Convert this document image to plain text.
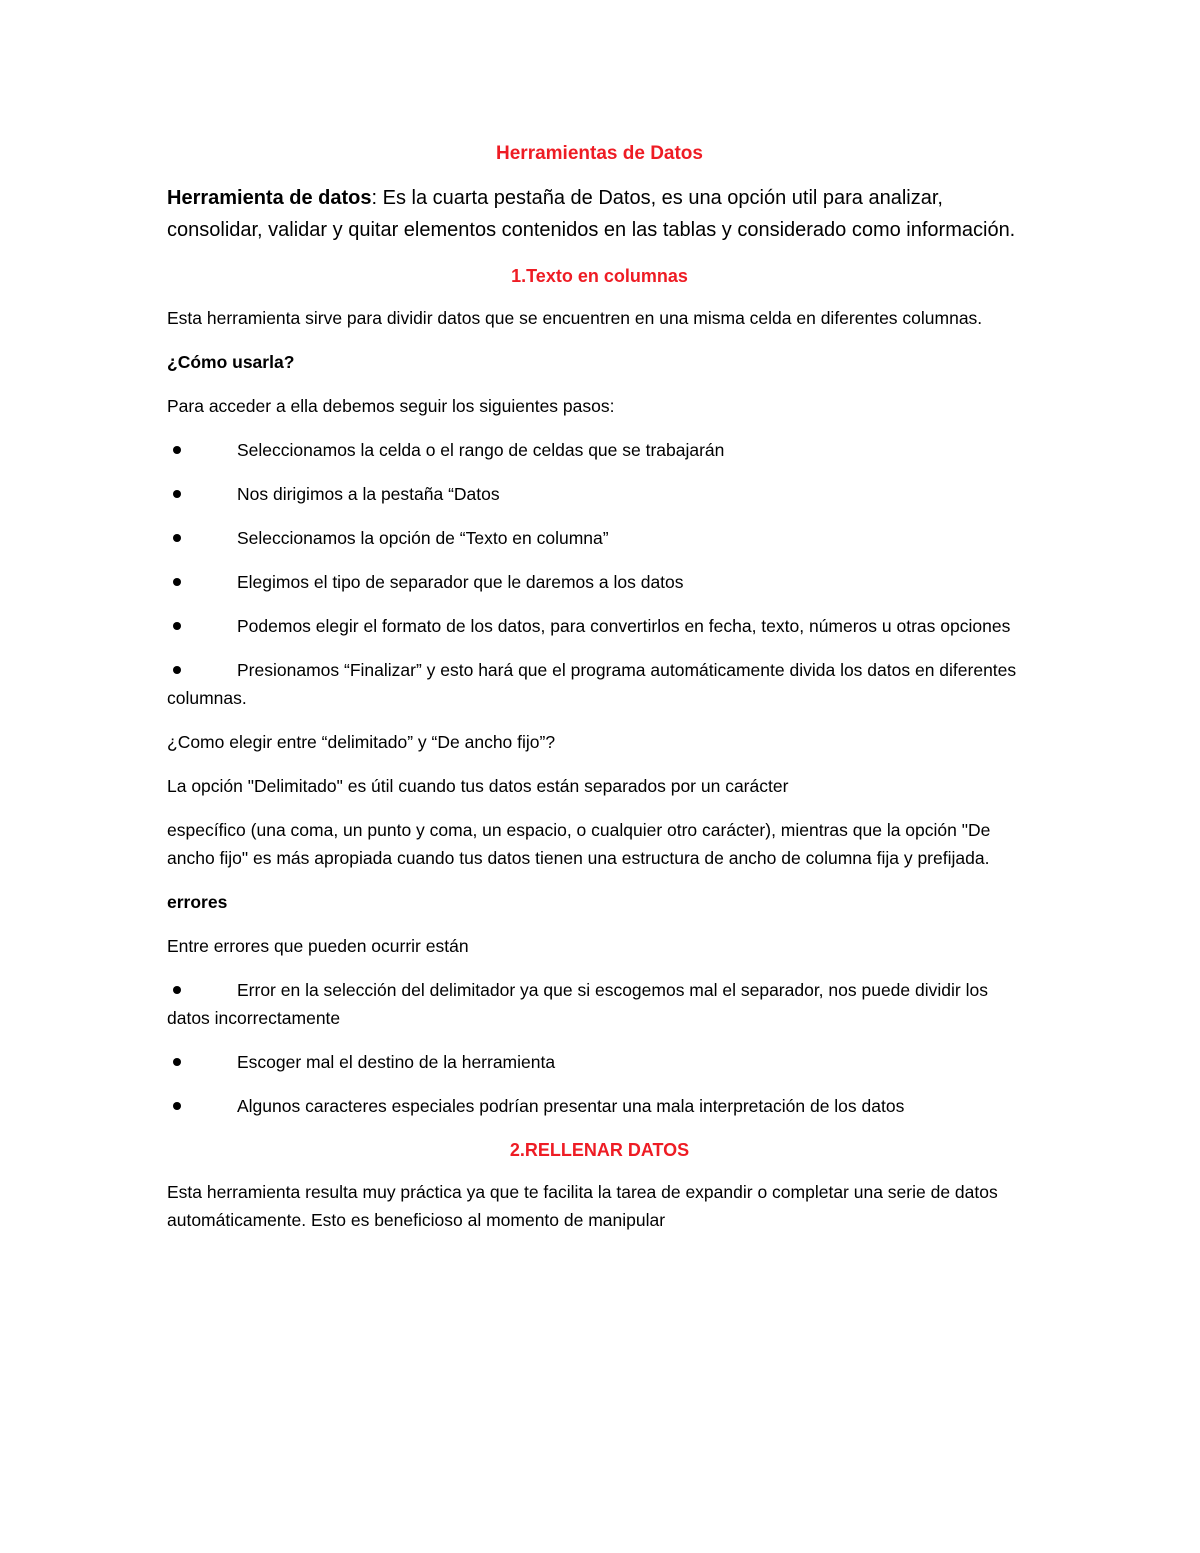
Herramientas de Datos
Herramienta de datos: Es la cuarta pestaña de Datos, es una opción util para analizar, consolidar, validar y quitar elementos contenidos en las tablas y considerado como información.
1.Texto en columnas

Esta herramienta sirve para dividir datos que se encuentren en una misma celda en diferentes columnas.

¿Cómo usarla?

Para acceder a ella debemos seguir los siguientes pasos:

Seleccionamos la celda o el rango de celdas que se trabajarán

Nos dirigimos a la pestaña “Datos

Seleccionamos la opción de “Texto en columna”

Elegimos el tipo de separador que le daremos a los datos

Podemos elegir el formato de los datos, para convertirlos en fecha, texto, números u otras opciones

Presionamos “Finalizar” y esto hará que el programa automáticamente divida los datos en diferentes columnas.

¿Como elegir entre “delimitado” y “De ancho fijo”?

La opción "Delimitado" es útil cuando tus datos están separados por un carácter

específico (una coma, un punto y coma, un espacio, o cualquier otro carácter), mientras que la opción "De ancho fijo" es más apropiada cuando tus datos tienen una estructura de ancho de columna fija y prefijada.

errores

Entre errores que pueden ocurrir están

Error en la selección del delimitador ya que si escogemos mal el separador, nos puede dividir los datos incorrectamente

Escoger mal el destino de la herramienta

Algunos caracteres especiales podrían presentar una mala interpretación de los datos

2.RELLENAR DATOS

Esta herramienta resulta muy práctica ya que te facilita la tarea de expandir o completar una serie de datos automáticamente. Esto es beneficioso al momento de manipular
